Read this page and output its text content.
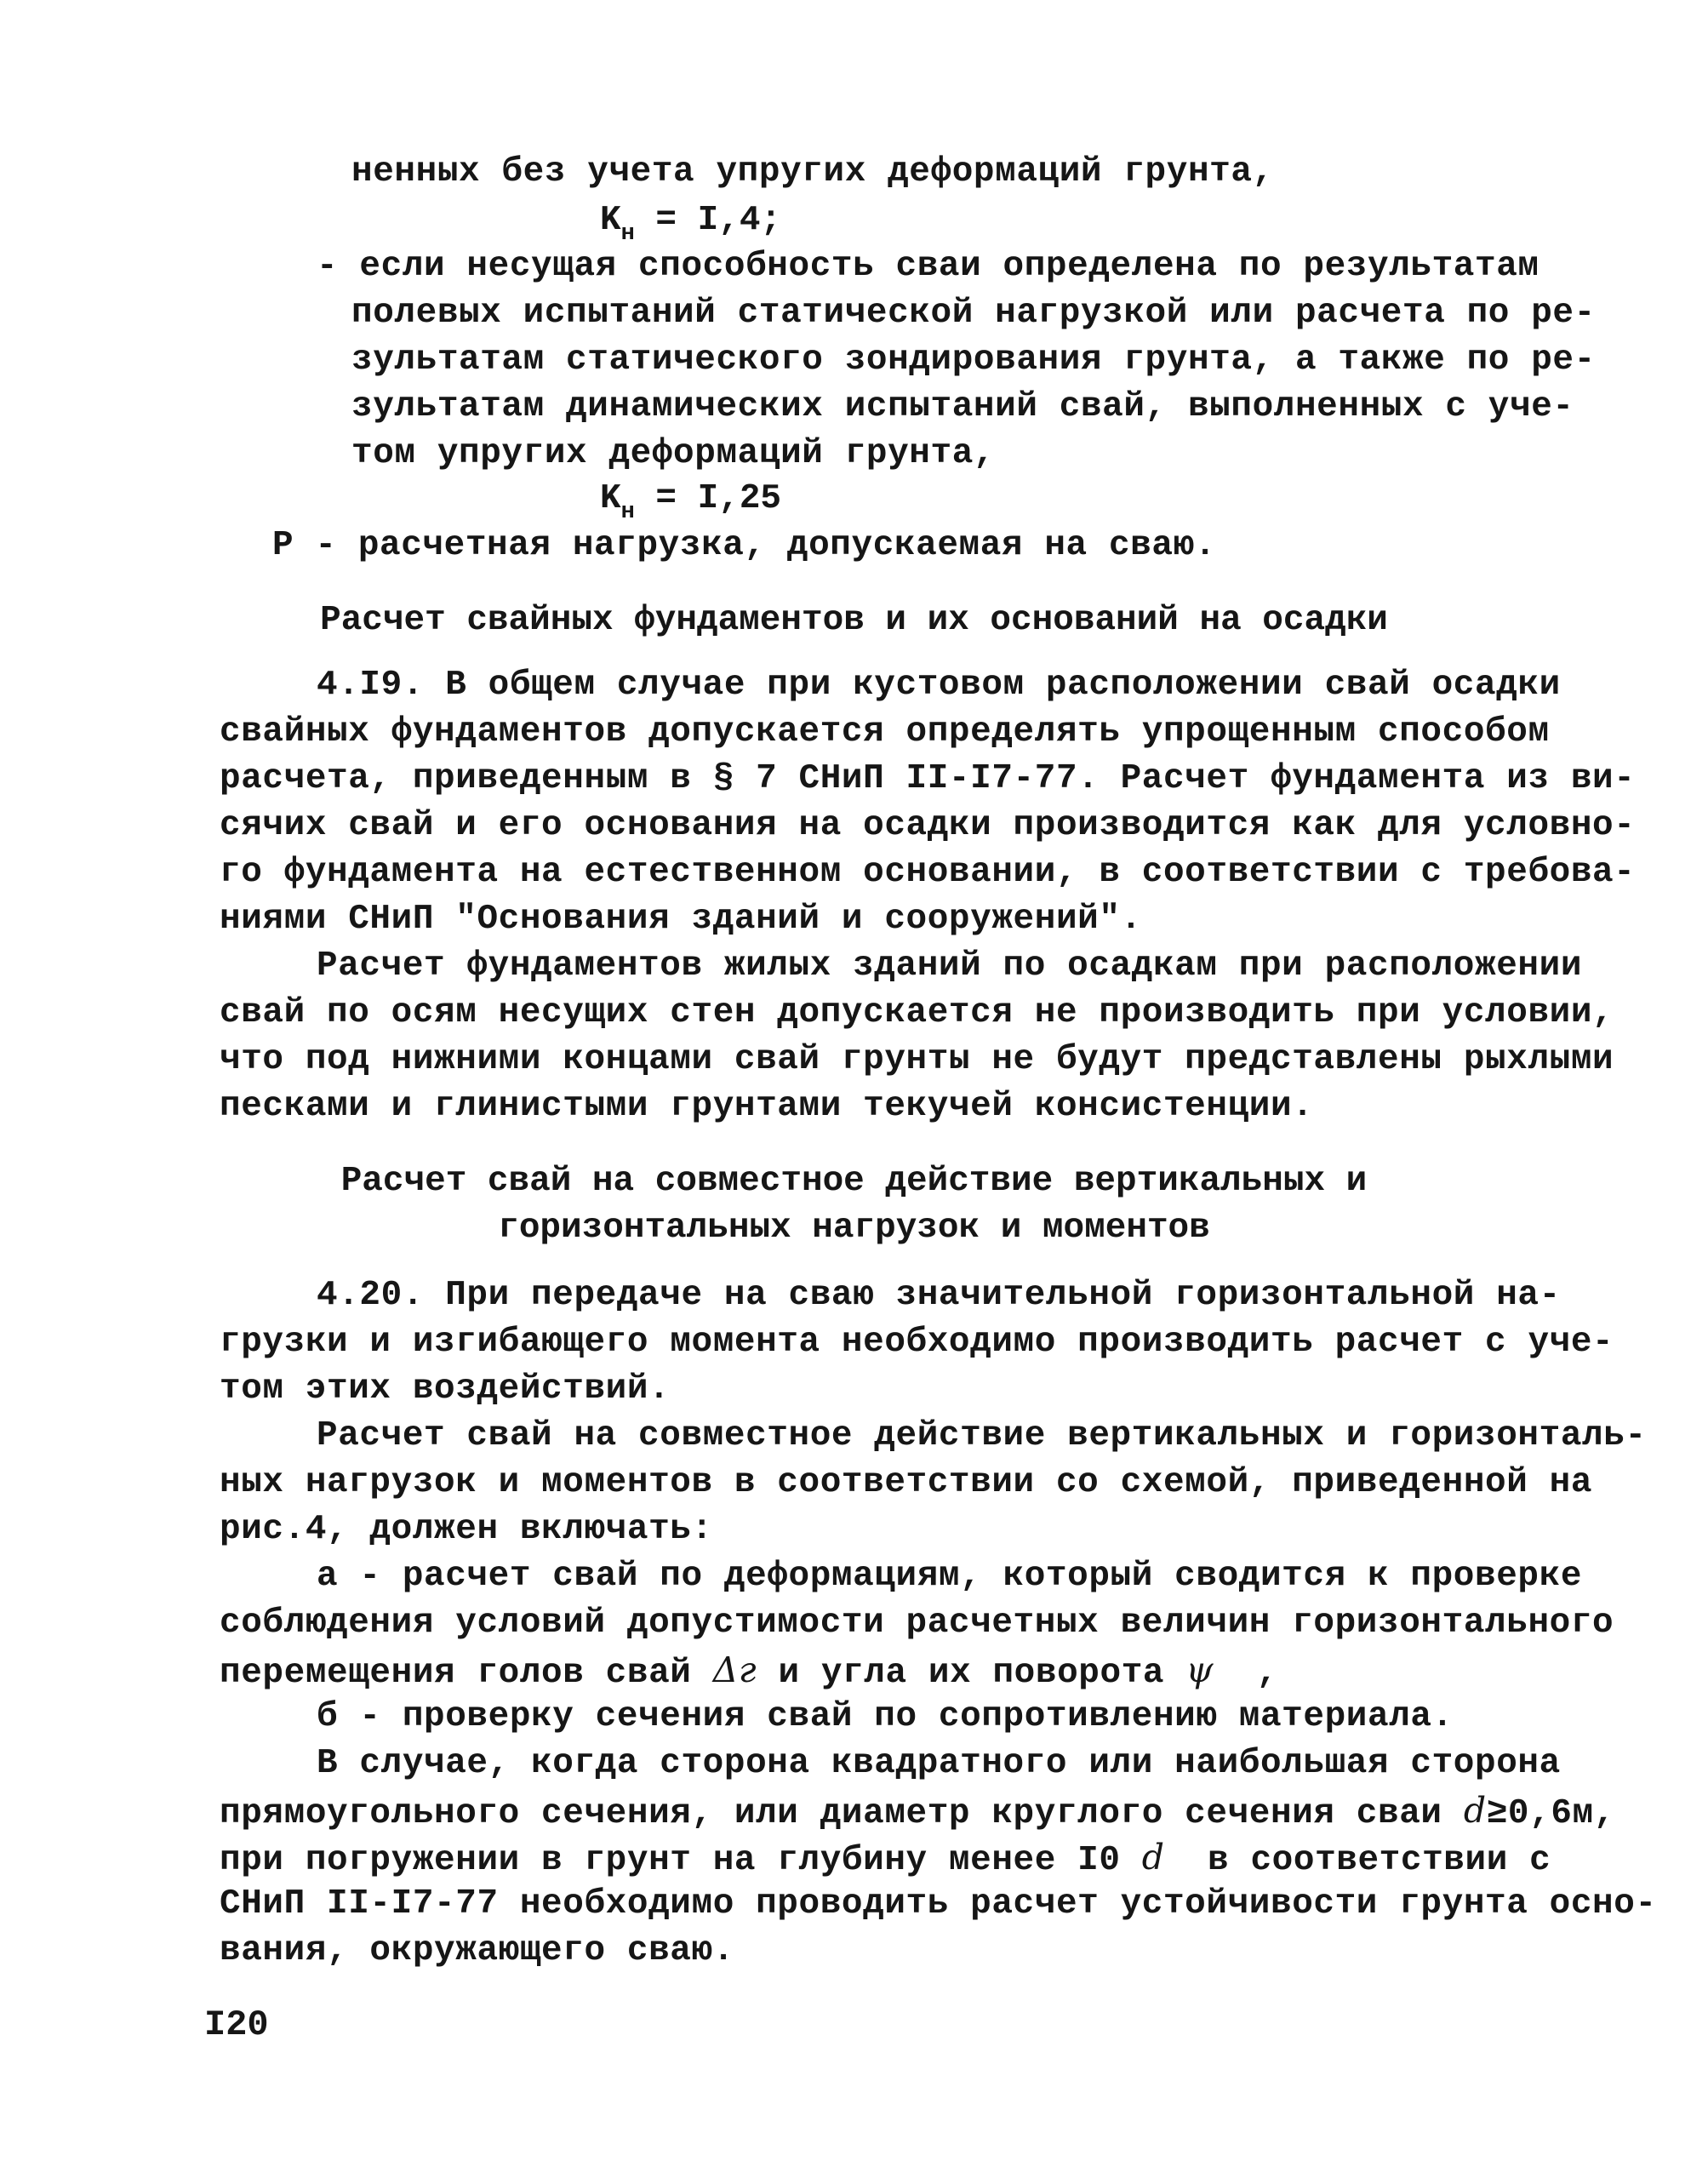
ненных без учета упругих деформаций грунта,
$K_н = I,4$;
- если несущая способность сваи определена по результатам
полевых испытаний статической нагрузкой или расчета по ре-
зультатам статического зондирования грунта, а также по ре-
зультатам динамических испытаний свай, выполненных с уче-
том упругих деформаций грунта,
$K_н = I,25$
Р - расчетная нагрузка, допускаемая на сваю.
Расчет свайных фундаментов и их оснований на осадки
4.I9. В общем случае при кустовом расположении свай осадки
свайных фундаментов допускается определять упрощенным способом
расчета, приведенным в § 7 СНиП II-I7-77. Расчет фундамента из ви-
сячих свай и его основания на осадки производится как для условно-
го фундамента на естественном основании, в соответствии с требова-
ниями СНиП "Основания зданий и сооружений".
Расчет фундаментов жилых зданий по осадкам при расположении
свай по осям несущих стен допускается не производить при условии,
что под нижними концами свай грунты не будут представлены рыхлыми
песками и глинистыми грунтами текучей консистенции.
Расчет свай на совместное действие вертикальных и
горизонтальных нагрузок и моментов
4.20. При передаче на сваю значительной горизонтальной на-
грузки и изгибающего момента необходимо производить расчет с уче-
том этих воздействий.
Расчет свай на совместное действие вертикальных и горизонталь-
ных нагрузок и моментов в соответствии со схемой, приведенной на
рис.4, должен включать:
а - расчет свай по деформациям, который сводится к проверке
соблюдения условий допустимости расчетных величин горизонтального
перемещения голов свай Δг и угла их поворота ψ  ,
б - проверку сечения свай по сопротивлению материала.
В случае, когда сторона квадратного или наибольшая сторона
прямоугольного сечения, или диаметр круглого сечения сваи d≥0,6м,
при погружении в грунт на глубину менее I0 d  в соответствии с
СНиП II-I7-77 необходимо проводить расчет устойчивости грунта осно-
вания, окружающего сваю.
I20
